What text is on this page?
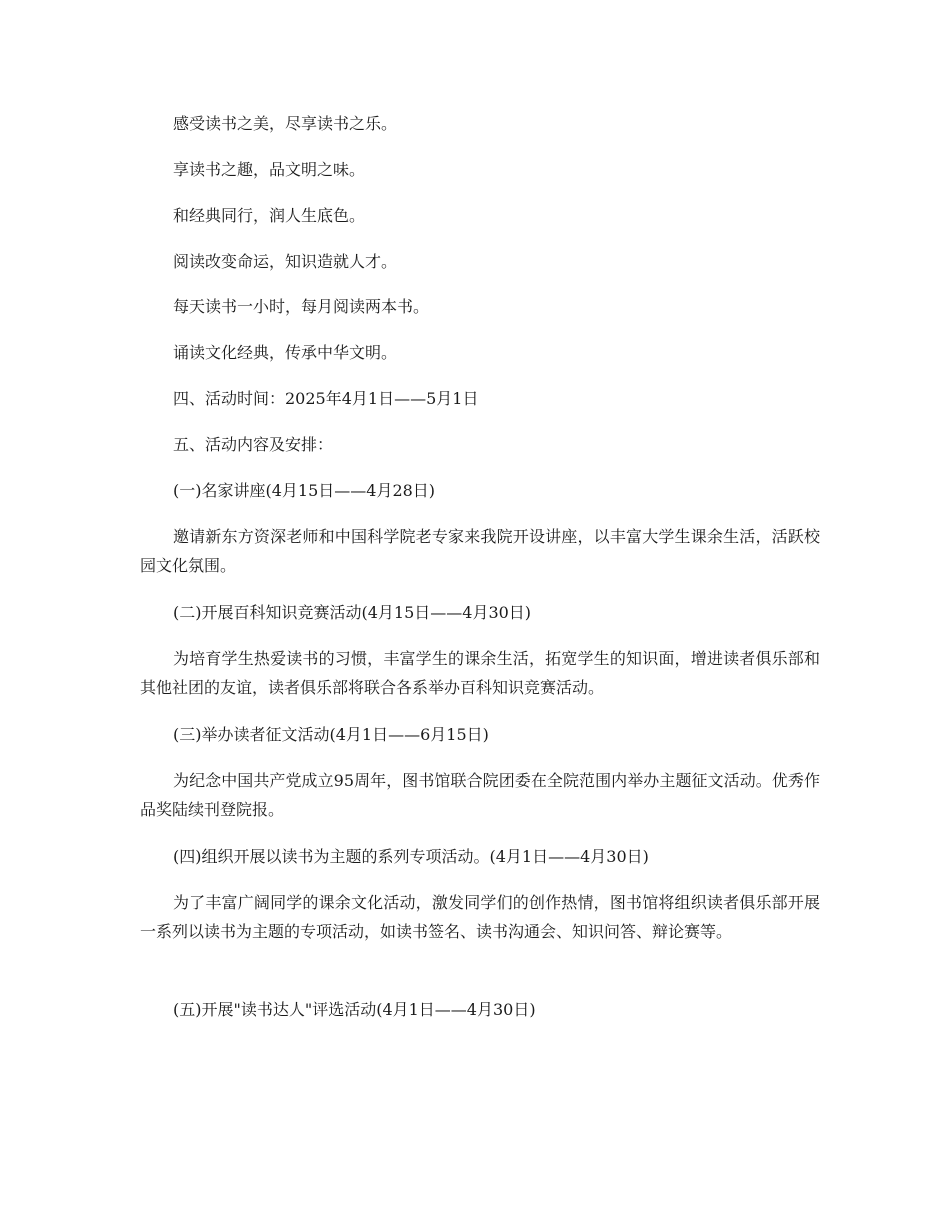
感受读书之美，尽享读书之乐。
享读书之趣，品文明之味。
和经典同行，润人生底色。
阅读改变命运，知识造就人才。
每天读书一小时，每月阅读两本书。
诵读文化经典，传承中华文明。
四、活动时间：2025年4月1日——5月1日
五、活动内容及安排：
(一)名家讲座(4月15日——4月28日)
邀请新东方资深老师和中国科学院老专家来我院开设讲座，以丰富大学生课余生活，活跃校园文化氛围。
(二)开展百科知识竞赛活动(4月15日——4月30日)
为培育学生热爱读书的习惯，丰富学生的课余生活，拓宽学生的知识面，增进读者俱乐部和其他社团的友谊，读者俱乐部将联合各系举办百科知识竞赛活动。
(三)举办读者征文活动(4月1日——6月15日)
为纪念中国共产党成立95周年，图书馆联合院团委在全院范围内举办主题征文活动。优秀作品奖陆续刊登院报。
(四)组织开展以读书为主题的系列专项活动。(4月1日——4月30日)
为了丰富广阔同学的课余文化活动，激发同学们的创作热情，图书馆将组织读者俱乐部开展一系列以读书为主题的专项活动，如读书签名、读书沟通会、知识问答、辩论赛等。
(五)开展"读书达人"评选活动(4月1日——4月30日)
